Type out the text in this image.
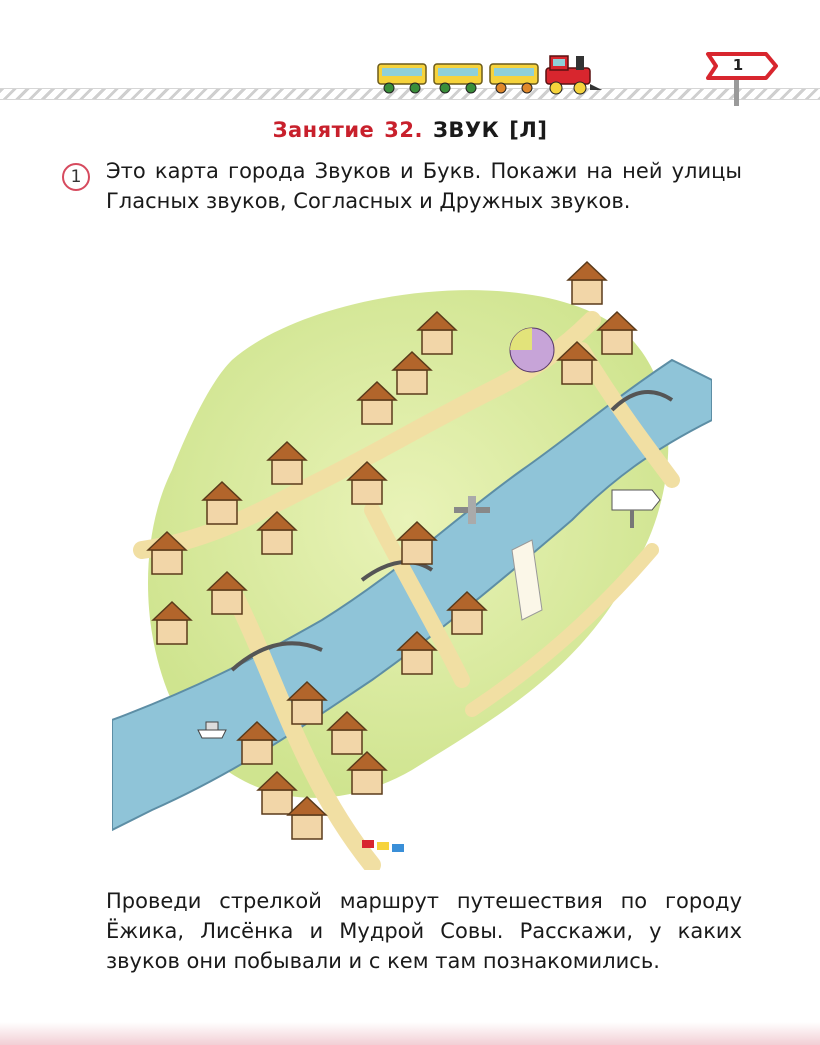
1
Занятие 32. ЗВУК [Л]
1	Это карта города Звуков и Букв. Покажи на ней улицы Гласных звуков, Согласных и Дружных звуков.
Проведи стрелкой маршрут путешествия по городу Ёжика, Лисёнка и Мудрой Совы. Расскажи, у каких звуков они побывали и с кем там познакомились.
